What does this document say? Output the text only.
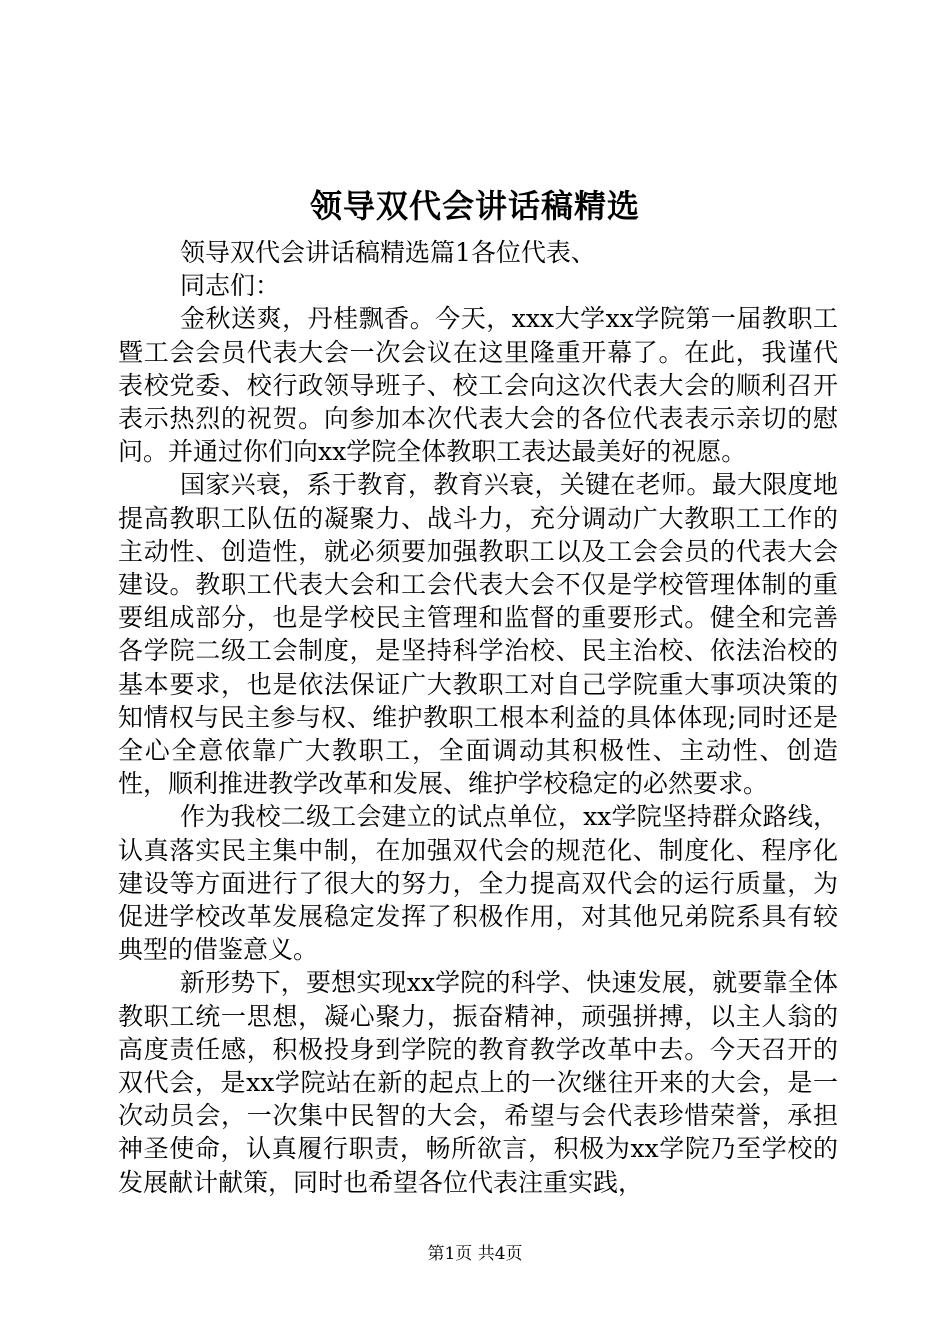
领导双代会讲话稿精选

领导双代会讲话稿精选篇1各位代表、

同志们：

金秋送爽，丹桂飘香。今天，xxx大学xx学院第一届教职工暨工会会员代表大会一次会议在这里隆重开幕了。在此，我谨代表校党委、校行政领导班子、校工会向这次代表大会的顺利召开表示热烈的祝贺。向参加本次代表大会的各位代表表示亲切的慰问。并通过你们向xx学院全体教职工表达最美好的祝愿。

国家兴衰，系于教育，教育兴衰，关键在老师。最大限度地提高教职工队伍的凝聚力、战斗力，充分调动广大教职工工作的主动性、创造性，就必须要加强教职工以及工会会员的代表大会建设。教职工代表大会和工会代表大会不仅是学校管理体制的重要组成部分，也是学校民主管理和监督的重要形式。健全和完善各学院二级工会制度，是坚持科学治校、民主治校、依法治校的基本要求，也是依法保证广大教职工对自己学院重大事项决策的知情权与民主参与权、维护教职工根本利益的具体体现;同时还是全心全意依靠广大教职工，全面调动其积极性、主动性、创造性，顺利推进教学改革和发展、维护学校稳定的必然要求。

作为我校二级工会建立的试点单位，xx学院坚持群众路线，认真落实民主集中制，在加强双代会的规范化、制度化、程序化建设等方面进行了很大的努力，全力提高双代会的运行质量，为促进学校改革发展稳定发挥了积极作用，对其他兄弟院系具有较典型的借鉴意义。

新形势下，要想实现xx学院的科学、快速发展，就要靠全体教职工统一思想，凝心聚力，振奋精神，顽强拼搏，以主人翁的高度责任感，积极投身到学院的教育教学改革中去。今天召开的双代会，是xx学院站在新的起点上的一次继往开来的大会，是一次动员会，一次集中民智的大会，希望与会代表珍惜荣誉，承担神圣使命，认真履行职责，畅所欲言，积极为xx学院乃至学校的发展献计献策，同时也希望各位代表注重实践，

第1页 共4页
